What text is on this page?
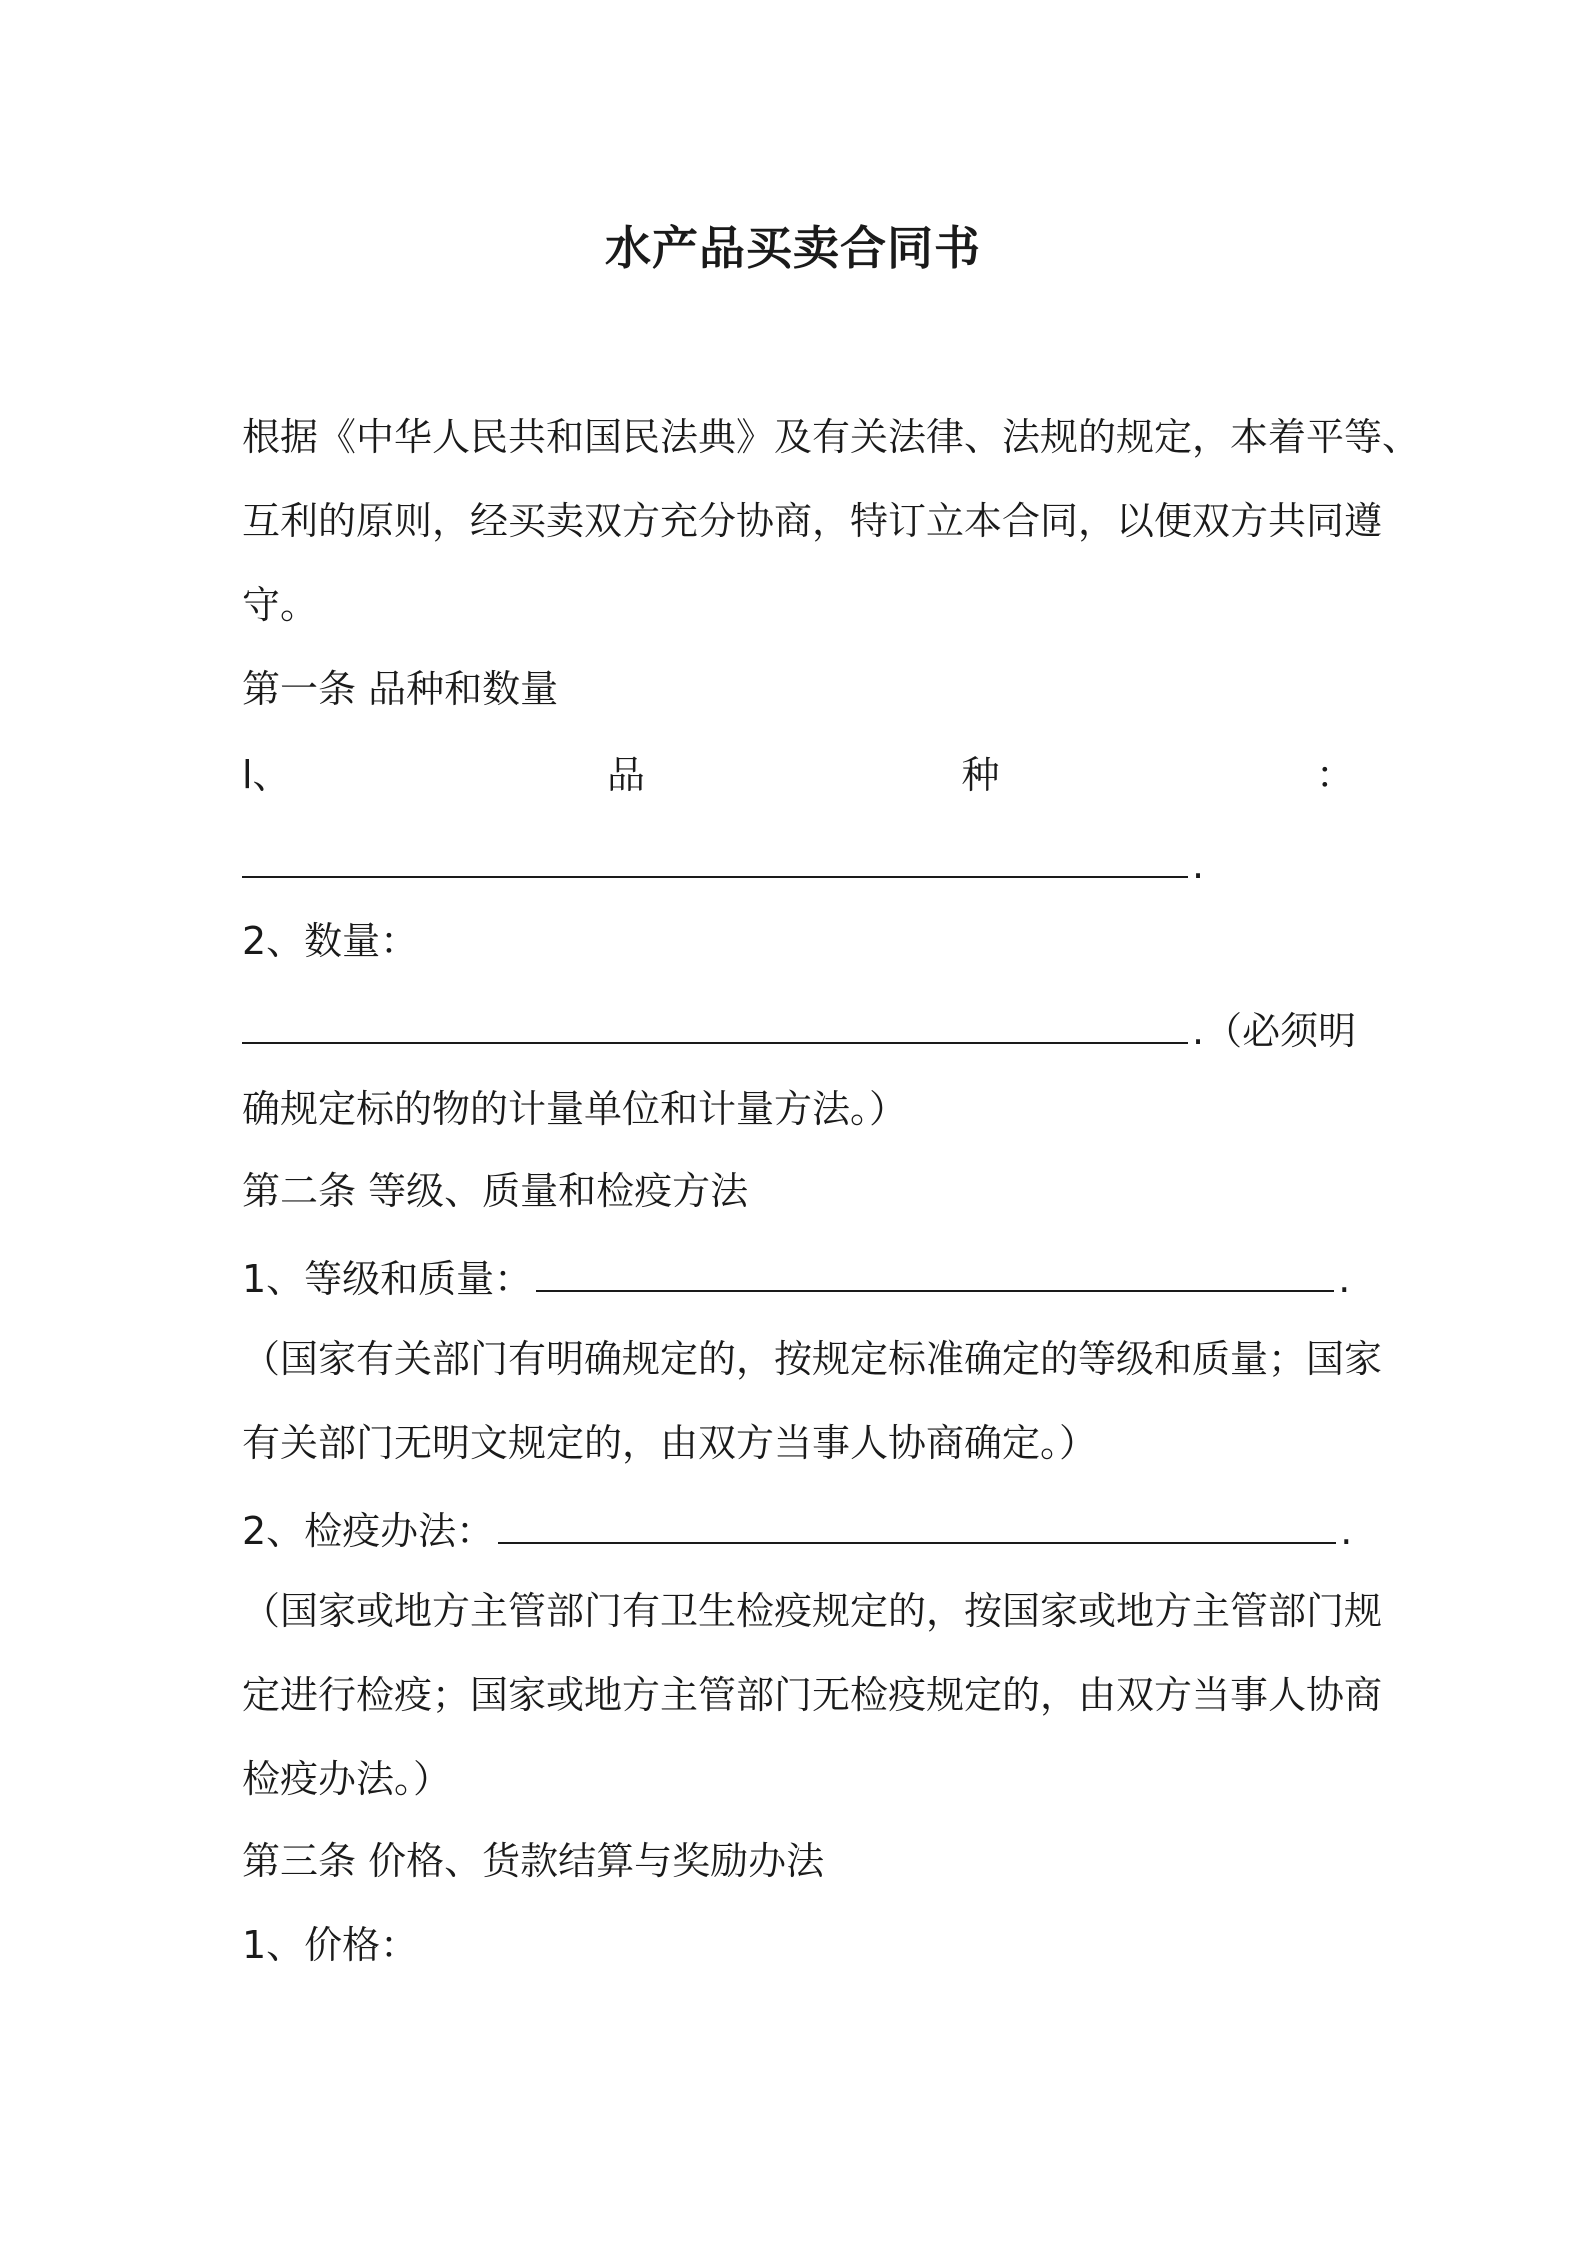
水产品买卖合同书
根据《中华人民共和国民法典》及有关法律、法规的规定，本着平等、
互利的原则，经买卖双方充分协商，特订立本合同，以便双方共同遵
守。
第一条 品种和数量
l、	品	种	：
.
2、数量：
.（必须明
确规定标的物的计量单位和计量方法。）
第二条 等级、质量和检疫方法
1、等级和质量：	.
（国家有关部门有明确规定的，按规定标准确定的等级和质量；国家
有关部门无明文规定的，由双方当事人协商确定。）
2、检疫办法：	.
（国家或地方主管部门有卫生检疫规定的，按国家或地方主管部门规
定进行检疫；国家或地方主管部门无检疫规定的，由双方当事人协商
检疫办法。）
第三条 价格、货款结算与奖励办法
1、价格：
